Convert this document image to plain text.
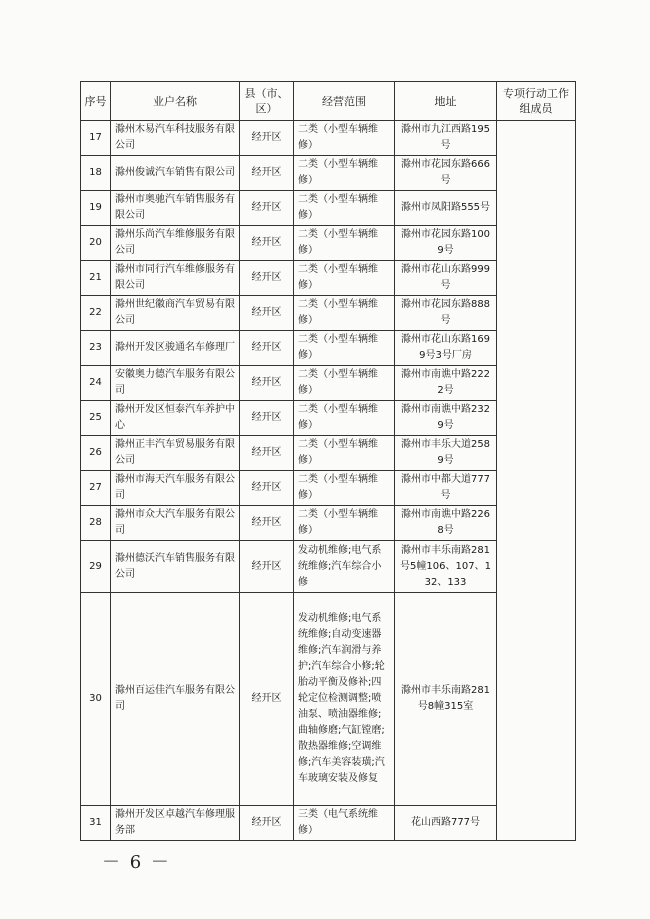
序号	业户名称	县（市、区）	经营范围	地址	专项行动工作组成员
17	滁州木易汽车科技服务有限公司	经开区	二类（小型车辆维修）	滁州市九江西路195号	
18	滁州俊诚汽车销售有限公司	经开区	二类（小型车辆维修）	滁州市花园东路666号	
19	滁州市奥驰汽车销售服务有限公司	经开区	二类（小型车辆维修）	滁州市凤阳路555号	
20	滁州乐尚汽车维修服务有限公司	经开区	二类（小型车辆维修）	滁州市花园东路1009号	
21	滁州市同行汽车维修服务有限公司	经开区	二类（小型车辆维修）	滁州市花山东路999号	
22	滁州世纪徽商汽车贸易有限公司	经开区	二类（小型车辆维修）	滁州市花园东路888号	
23	滁州开发区骏通名车修理厂	经开区	二类（小型车辆维修）	滁州市花山东路1699号3号厂房	
24	安徽奥力德汽车服务有限公司	经开区	二类（小型车辆维修）	滁州市南谯中路2222号	
25	滁州开发区恒泰汽车养护中心	经开区	二类（小型车辆维修）	滁州市南谯中路2329号	
26	滁州正丰汽车贸易服务有限公司	经开区	二类（小型车辆维修）	滁州市丰乐大道2589号	
27	滁州市海天汽车服务有限公司	经开区	二类（小型车辆维修）	滁州市中都大道777号	
28	滁州市众大汽车服务有限公司	经开区	二类（小型车辆维修）	滁州市南谯中路2268号	
29	滁州德沃汽车销售服务有限公司	经开区	发动机维修;电气系统维修;汽车综合小修	滁州市丰乐南路281号5幢106、107、132、133	
30	滁州百运佳汽车服务有限公司	经开区	发动机维修;电气系统维修;自动变速器维修;汽车润滑与养护;汽车综合小修;轮胎动平衡及修补;四轮定位检测调整;喷油泵、喷油器维修;曲轴修磨;气缸镗磨;散热器维修;空调维修;汽车美容装璜;汽车玻璃安装及修复	滁州市丰乐南路281号8幢315室	
31	滁州开发区卓越汽车修理服务部	经开区	三类（电气系统维修）	花山西路777号	
－ 6 －
